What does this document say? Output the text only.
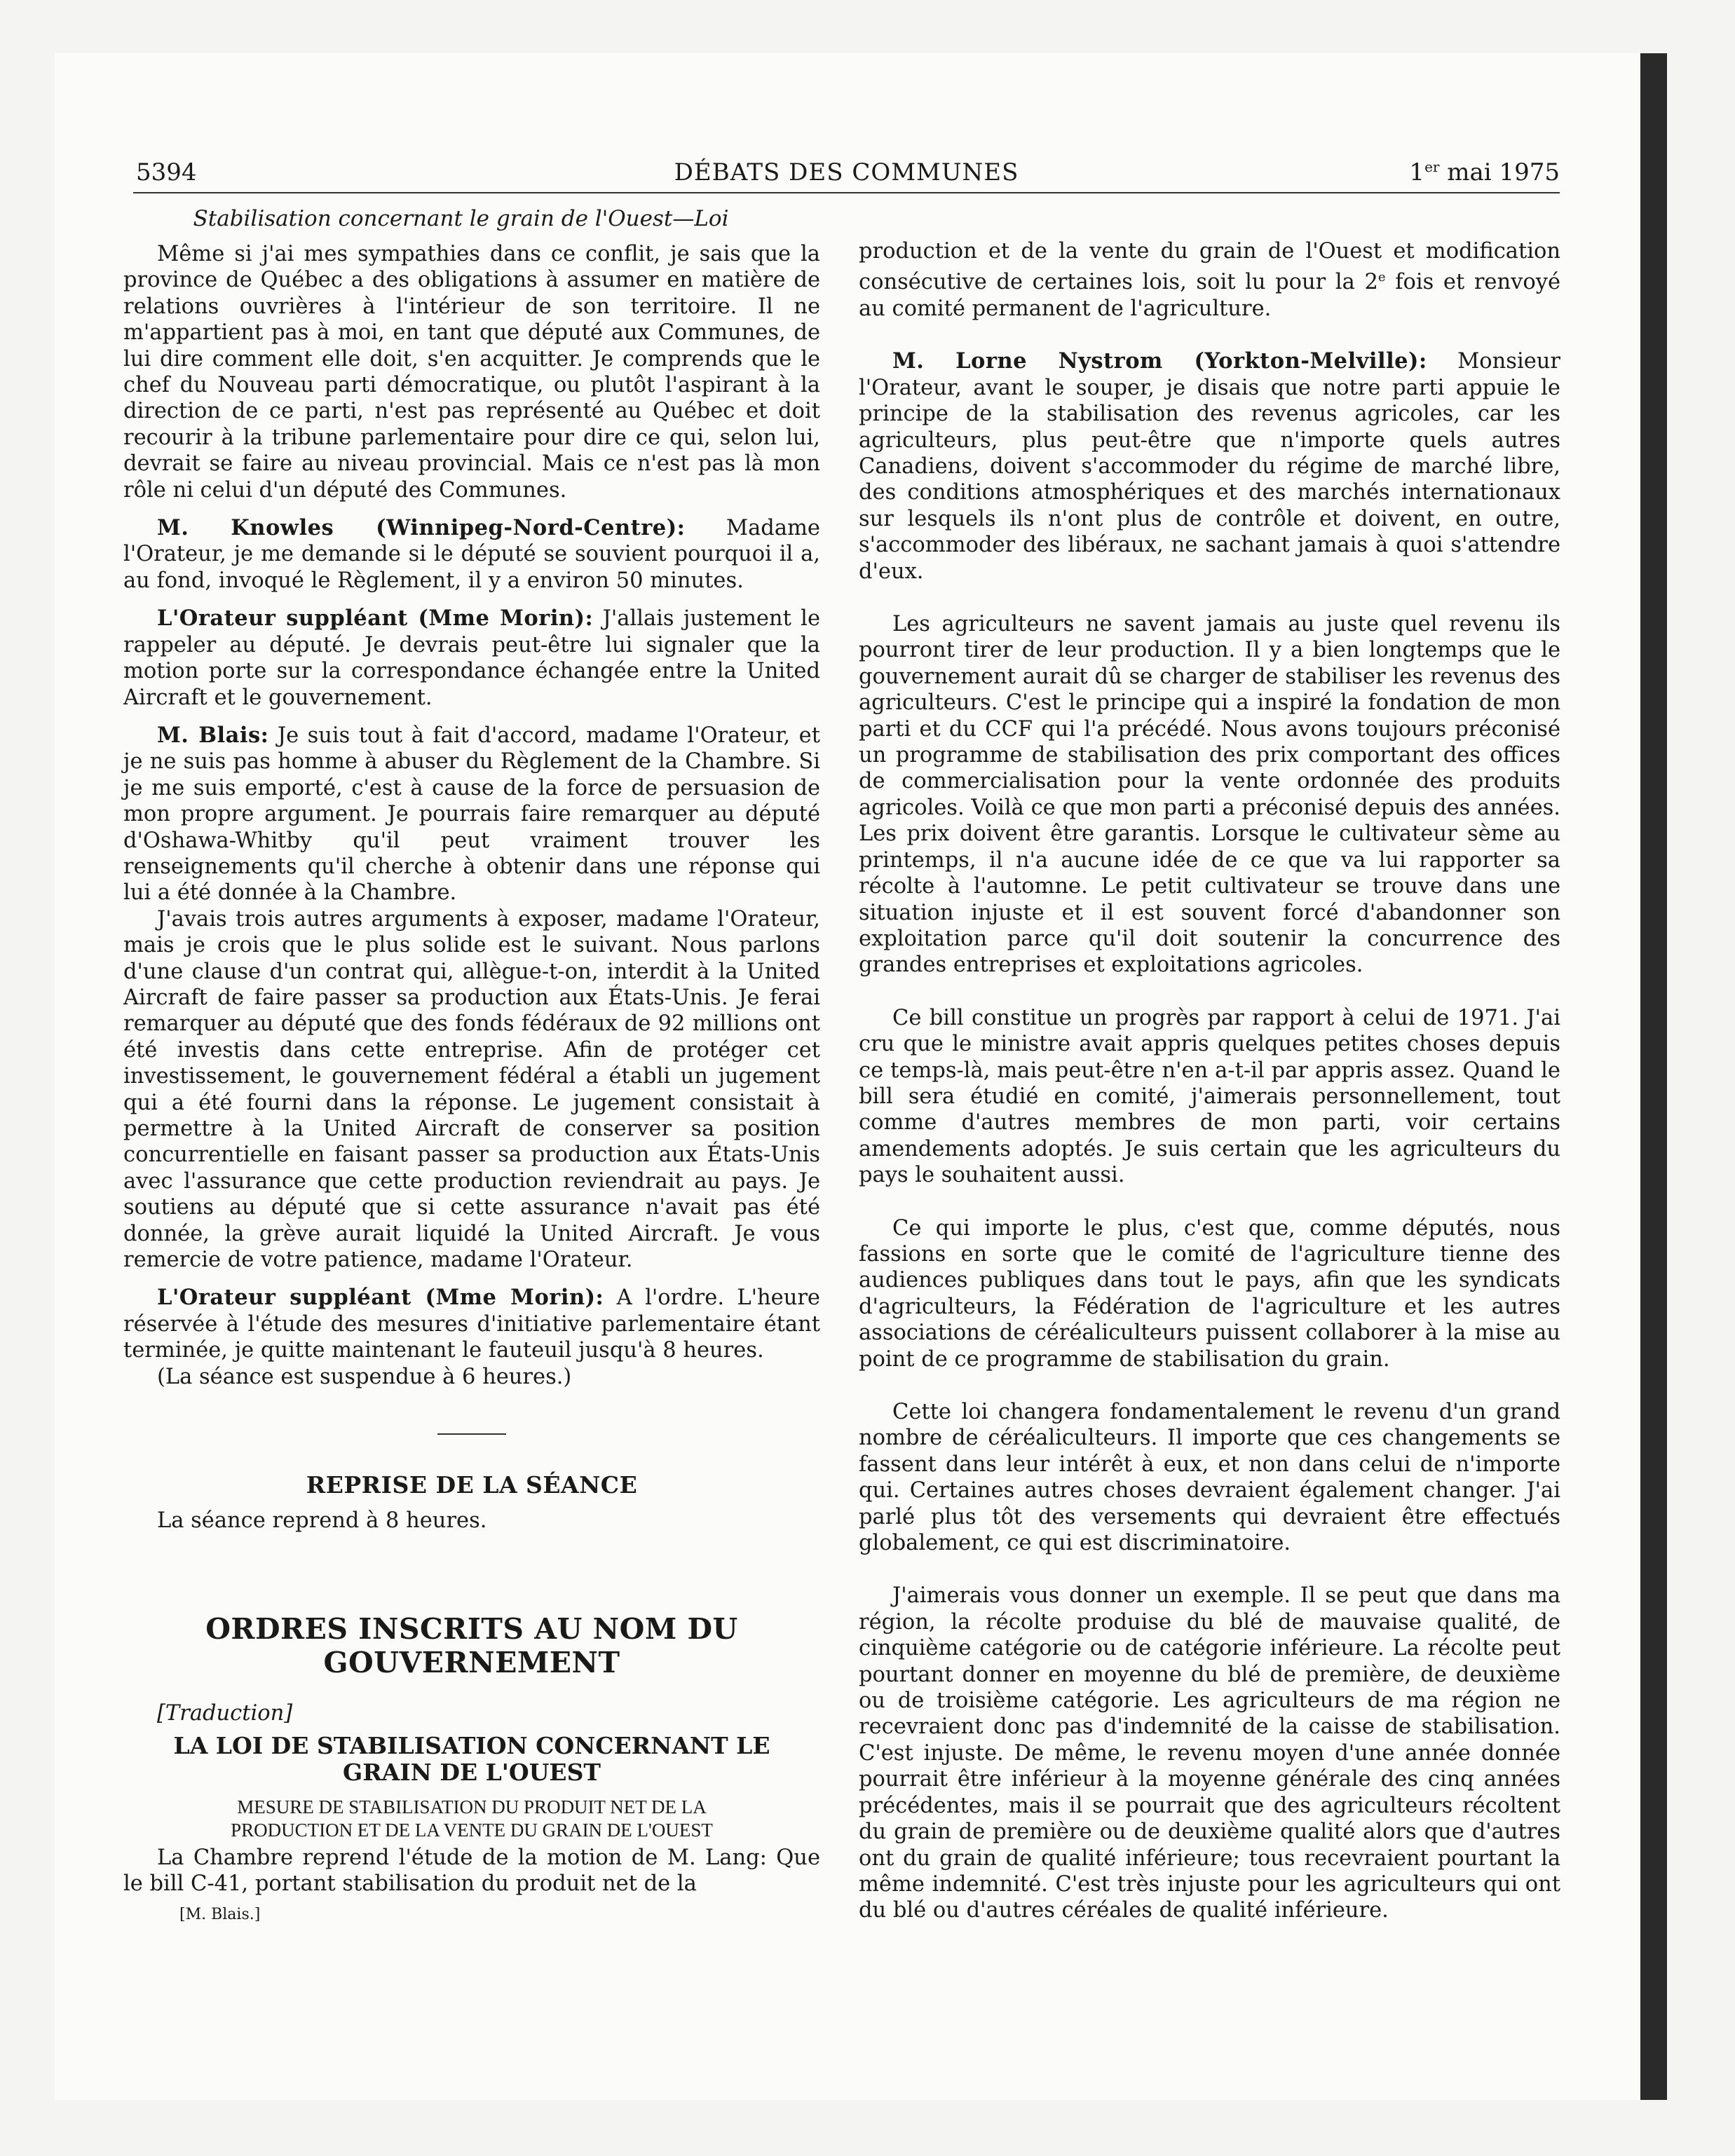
5394	DÉBATS DES COMMUNES	1er mai 1975
Stabilisation concernant le grain de l'Ouest—Loi

Même si j'ai mes sympathies dans ce conflit, je sais que la province de Québec a des obligations à assumer en matière de relations ouvrières à l'intérieur de son territoire. Il ne m'appartient pas à moi, en tant que député aux Communes, de lui dire comment elle doit, s'en acquitter. Je comprends que le chef du Nouveau parti démocratique, ou plutôt l'aspirant à la direction de ce parti, n'est pas représenté au Québec et doit recourir à la tribune parlementaire pour dire ce qui, selon lui, devrait se faire au niveau provincial. Mais ce n'est pas là mon rôle ni celui d'un député des Communes.

M. Knowles (Winnipeg-Nord-Centre): Madame l'Orateur, je me demande si le député se souvient pourquoi il a, au fond, invoqué le Règlement, il y a environ 50 minutes.

L'Orateur suppléant (Mme Morin): J'allais justement le rappeler au député. Je devrais peut-être lui signaler que la motion porte sur la correspondance échangée entre la United Aircraft et le gouvernement.

M. Blais: Je suis tout à fait d'accord, madame l'Orateur, et je ne suis pas homme à abuser du Règlement de la Chambre. Si je me suis emporté, c'est à cause de la force de persuasion de mon propre argument. Je pourrais faire remarquer au député d'Oshawa-Whitby qu'il peut vraiment trouver les renseignements qu'il cherche à obtenir dans une réponse qui lui a été donnée à la Chambre.

J'avais trois autres arguments à exposer, madame l'Orateur, mais je crois que le plus solide est le suivant. Nous parlons d'une clause d'un contrat qui, allègue-t-on, interdit à la United Aircraft de faire passer sa production aux États-Unis. Je ferai remarquer au député que des fonds fédéraux de 92 millions ont été investis dans cette entreprise. Afin de protéger cet investissement, le gouvernement fédéral a établi un jugement qui a été fourni dans la réponse. Le jugement consistait à permettre à la United Aircraft de conserver sa position concurrentielle en faisant passer sa production aux États-Unis avec l'assurance que cette production reviendrait au pays. Je soutiens au député que si cette assurance n'avait pas été donnée, la grève aurait liquidé la United Aircraft. Je vous remercie de votre patience, madame l'Orateur.

L'Orateur suppléant (Mme Morin): A l'ordre. L'heure réservée à l'étude des mesures d'initiative parlementaire étant terminée, je quitte maintenant le fauteuil jusqu'à 8 heures.

(La séance est suspendue à 6 heures.)

REPRISE DE LA SÉANCE

La séance reprend à 8 heures.

ORDRES INSCRITS AU NOM DU
GOUVERNEMENT

[Traduction]

LA LOI DE STABILISATION CONCERNANT LE
GRAIN DE L'OUEST
MESURE DE STABILISATION DU PRODUIT NET DE LA
PRODUCTION ET DE LA VENTE DU GRAIN DE L'OUEST

La Chambre reprend l'étude de la motion de M. Lang: Que le bill C-41, portant stabilisation du produit net de la

[M. Blais.]

production et de la vente du grain de l'Ouest et modification consécutive de certaines lois, soit lu pour la 2e fois et renvoyé au comité permanent de l'agriculture.

M. Lorne Nystrom (Yorkton-Melville): Monsieur l'Orateur, avant le souper, je disais que notre parti appuie le principe de la stabilisation des revenus agricoles, car les agriculteurs, plus peut-être que n'importe quels autres Canadiens, doivent s'accommoder du régime de marché libre, des conditions atmosphériques et des marchés internationaux sur lesquels ils n'ont plus de contrôle et doivent, en outre, s'accommoder des libéraux, ne sachant jamais à quoi s'attendre d'eux.

Les agriculteurs ne savent jamais au juste quel revenu ils pourront tirer de leur production. Il y a bien longtemps que le gouvernement aurait dû se charger de stabiliser les revenus des agriculteurs. C'est le principe qui a inspiré la fondation de mon parti et du CCF qui l'a précédé. Nous avons toujours préconisé un programme de stabilisation des prix comportant des offices de commercialisation pour la vente ordonnée des produits agricoles. Voilà ce que mon parti a préconisé depuis des années. Les prix doivent être garantis. Lorsque le cultivateur sème au printemps, il n'a aucune idée de ce que va lui rapporter sa récolte à l'automne. Le petit cultivateur se trouve dans une situation injuste et il est souvent forcé d'abandonner son exploitation parce qu'il doit soutenir la concurrence des grandes entreprises et exploitations agricoles.

Ce bill constitue un progrès par rapport à celui de 1971. J'ai cru que le ministre avait appris quelques petites choses depuis ce temps-là, mais peut-être n'en a-t-il par appris assez. Quand le bill sera étudié en comité, j'aimerais personnellement, tout comme d'autres membres de mon parti, voir certains amendements adoptés. Je suis certain que les agriculteurs du pays le souhaitent aussi.

Ce qui importe le plus, c'est que, comme députés, nous fassions en sorte que le comité de l'agriculture tienne des audiences publiques dans tout le pays, afin que les syndicats d'agriculteurs, la Fédération de l'agriculture et les autres associations de céréaliculteurs puissent collaborer à la mise au point de ce programme de stabilisation du grain.

Cette loi changera fondamentalement le revenu d'un grand nombre de céréaliculteurs. Il importe que ces changements se fassent dans leur intérêt à eux, et non dans celui de n'importe qui. Certaines autres choses devraient également changer. J'ai parlé plus tôt des versements qui devraient être effectués globalement, ce qui est discriminatoire.

J'aimerais vous donner un exemple. Il se peut que dans ma région, la récolte produise du blé de mauvaise qualité, de cinquième catégorie ou de catégorie inférieure. La récolte peut pourtant donner en moyenne du blé de première, de deuxième ou de troisième catégorie. Les agriculteurs de ma région ne recevraient donc pas d'indemnité de la caisse de stabilisation. C'est injuste. De même, le revenu moyen d'une année donnée pourrait être inférieur à la moyenne générale des cinq années précédentes, mais il se pourrait que des agriculteurs récoltent du grain de première ou de deuxième qualité alors que d'autres ont du grain de qualité inférieure; tous recevraient pourtant la même indemnité. C'est très injuste pour les agriculteurs qui ont du blé ou d'autres céréales de qualité inférieure.
